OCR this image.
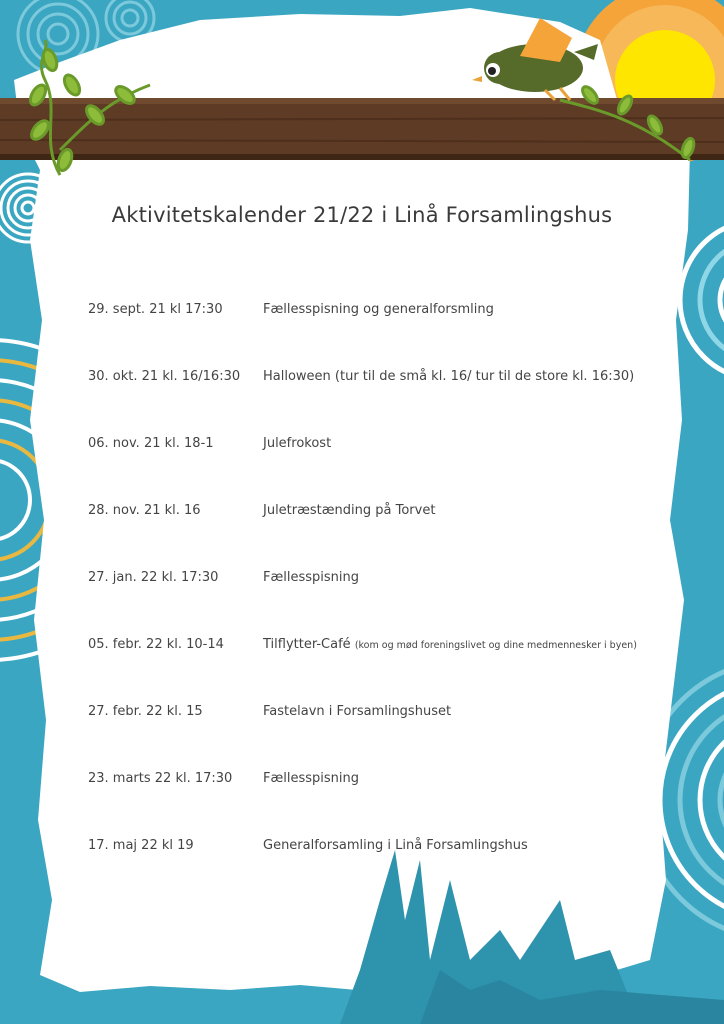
Aktivitetskalender 21/22 i Linå Forsamlingshus
29. sept. 21 kl 17:30	Fællesspisning og generalforsmling
30. okt. 21 kl. 16/16:30 Halloween (tur til de små kl. 16/ tur til de store kl. 16:30)
06. nov. 21 kl. 18-1	Julefrokost
28. nov. 21 kl. 16	Juletræstænding på Torvet
27. jan. 22 kl. 17:30	Fællesspisning
05. febr. 22 kl. 10-14	Tilflytter-Café (kom og mød foreningslivet og dine medmennesker i byen)
27. febr. 22 kl. 15	Fastelavn i Forsamlingshuset
23. marts 22 kl. 17:30 Fællesspisning
17. maj 22 kl 19	Generalforsamling i Linå Forsamlingshus
